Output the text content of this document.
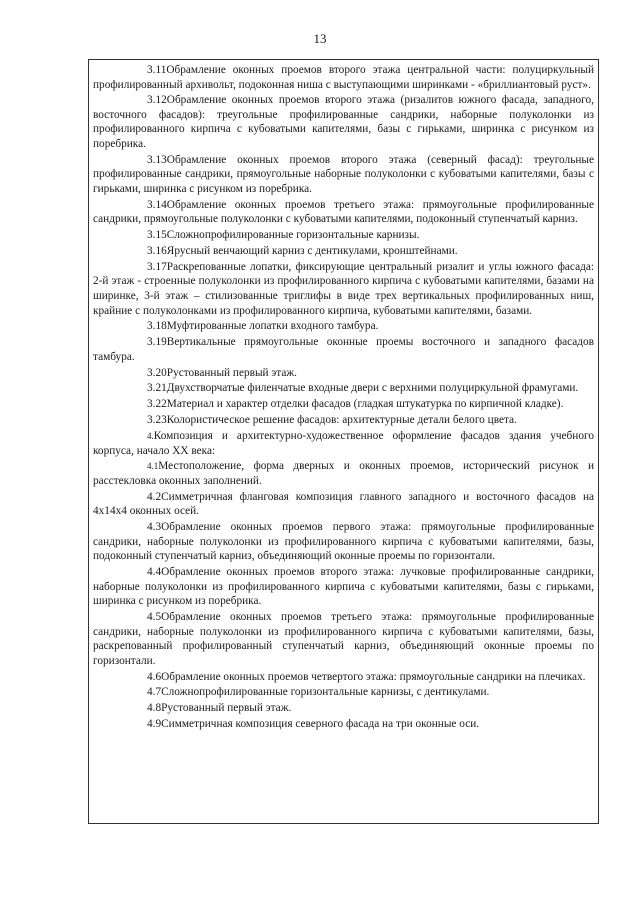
13

3.11Обрамление оконных проемов второго этажа центральной части: полуциркульный профилированный архивольт, подоконная ниша с выступающими ширинками - «бриллиантовый руст».

3.12Обрамление оконных проемов второго этажа (ризалитов южного фасада, западного, восточного фасадов): треугольные профилированные сандрики, наборные полуколонки из профилированного кирпича с кубоватыми капителями, базы с гирьками, ширинка с рисунком из поребрика.

3.13Обрамление оконных проемов второго этажа (северный фасад): треугольные профилированные сандрики, прямоугольные наборные полуколонки с кубоватыми капителями, базы с гирьками, ширинка с рисунком из поребрика.

3.14Обрамление оконных проемов третьего этажа: прямоугольные профилированные сандрики, прямоугольные полуколонки с кубоватыми капителями, подоконный ступенчатый карниз.

3.15Сложнопрофилированные горизонтальные карнизы.

3.16Ярусный венчающий карниз с дентикулами, кронштейнами.

3.17Раскрепованные лопатки, фиксирующие центральный ризалит и углы южного фасада: 2-й этаж - строенные полуколонки из профилированного кирпича с кубоватыми капителями, базами на ширинке, 3-й этаж – стилизованные триглифы в виде трех вертикальных профилированных ниш, крайние с полуколонками из профилированного кирпича, кубоватыми капителями, базами.

3.18Муфтированные лопатки входного тамбура.

3.19Вертикальные прямоугольные оконные проемы восточного и западного фасадов тамбура.

3.20Рустованный первый этаж.

3.21Двухстворчатые филенчатые входные двери с верхними полуциркульной фрамугами.

3.22Материал и характер отделки фасадов (гладкая штукатурка по кирпичной кладке).

3.23Колористическое решение фасадов: архитектурные детали белого цвета.

4.Композиция и архитектурно-художественное оформление фасадов здания учебного корпуса, начало XX века:

4.1Местоположение, форма дверных и оконных проемов, исторический рисунок и расстекловка оконных заполнений.

4.2Симметричная фланговая композиция главного западного и восточного фасадов на 4х14х4 оконных осей.

4.3Обрамление оконных проемов первого этажа: прямоугольные профилированные сандрики, наборные полуколонки из профилированного кирпича с кубоватыми капителями, базы, подоконный ступенчатый карниз, объединяющий оконные проемы по горизонтали.

4.4Обрамление оконных проемов второго этажа: лучковые профилированные сандрики, наборные полуколонки из профилированного кирпича с кубоватыми капителями, базы с гирьками, ширинка с рисунком из поребрика.

4.5Обрамление оконных проемов третьего этажа: прямоугольные профилированные сандрики, наборные полуколонки из профилированного кирпича с кубоватыми капителями, базы, раскрепованный профилированный ступенчатый карниз, объединяющий оконные проемы по горизонтали.

4.6Обрамление оконных проемов четвертого этажа: прямоугольные сандрики на плечиках.

4.7Сложнопрофилированные горизонтальные карнизы, с дентикулами.

4.8Рустованный первый этаж.

4.9Симметричная композиция северного фасада на три оконные оси.
